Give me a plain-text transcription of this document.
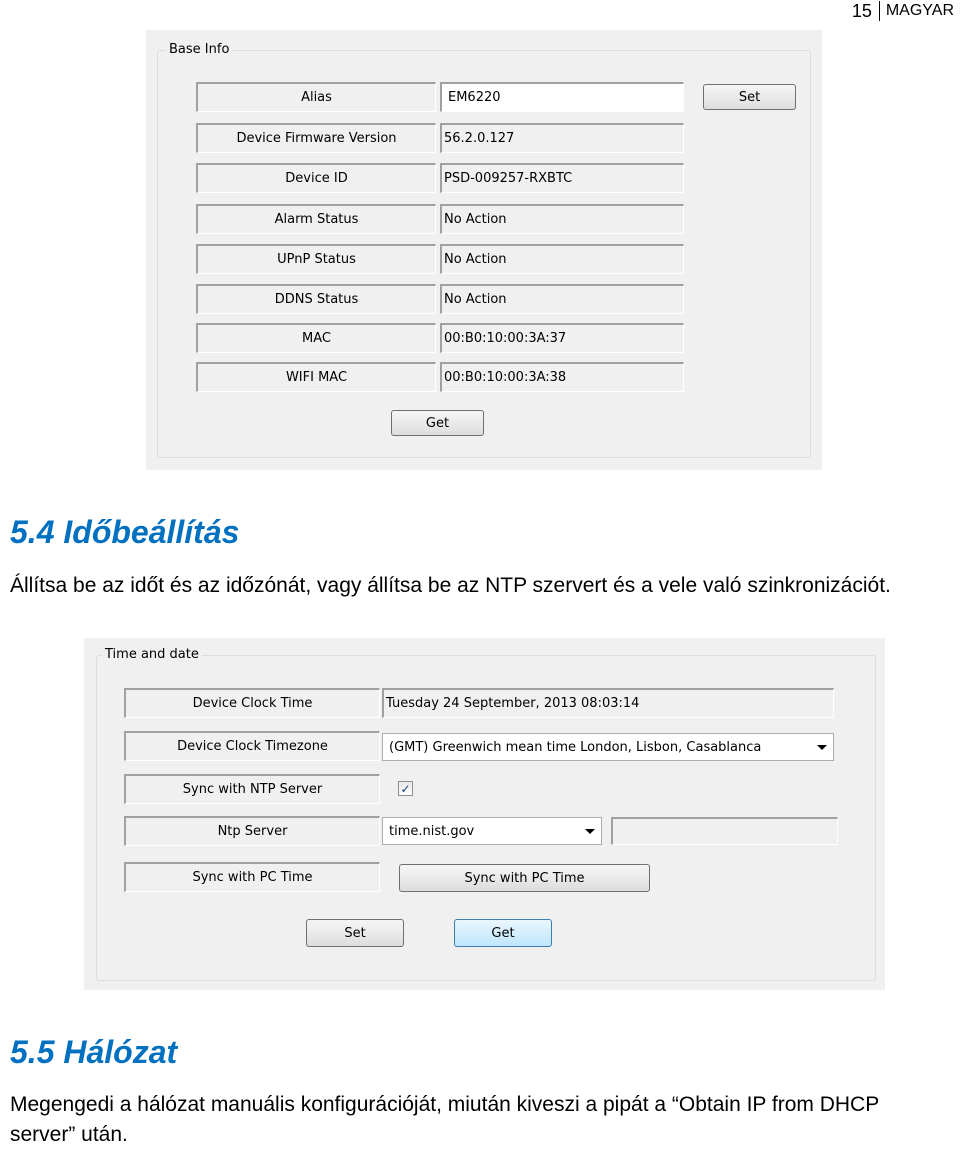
15 MAGYAR
Base Info
Alias	EM6220	Set
Device Firmware Version	56.2.0.127
Device ID	PSD-009257-RXBTC
Alarm Status	No Action
UPnP Status	No Action
DDNS Status	No Action
MAC	00:B0:10:00:3A:37
WIFI MAC	00:B0:10:00:3A:38
Get
5.4 Időbeállítás
Állítsa be az időt és az időzónát, vagy állítsa be az NTP szervert és a vele való szinkronizációt.
Time and date
Device Clock Time	Tuesday 24 September, 2013 08:03:14
Device Clock Timezone	(GMT) Greenwich mean time London, Lisbon, Casablanca
Sync with NTP Server	✓
Ntp Server	time.nist.gov
Sync with PC Time	Sync with PC Time
Set	Get
5.5 Hálózat
Megengedi a hálózat manuális konfigurációját, miután kiveszi a pipát a “Obtain IP from DHCP server” után.
